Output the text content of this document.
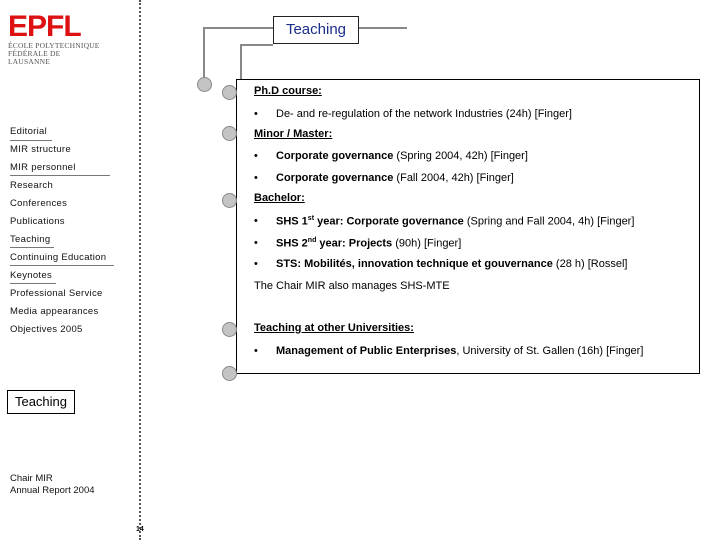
EPFL
ÉCOLE POLYTECHNIQUE
FÉDÉRALE DE LAUSANNE
Editorial
MIR structure
MIR personnel
Research
Conferences
Publications
Teaching
Continuing Education
Keynotes
Professional Service
Media appearances
Objectives 2005
Teaching
Chair MIR
Annual Report 2004
14
Teaching
Ph.D course:
• De- and re-regulation of the network Industries (24h) [Finger]
Minor / Master:
• Corporate governance (Spring 2004, 42h) [Finger]
• Corporate governance (Fall 2004, 42h) [Finger]
Bachelor:
• SHS 1st year: Corporate governance (Spring and Fall 2004, 4h) [Finger]
• SHS 2nd year: Projects (90h) [Finger]
• STS: Mobilités, innovation technique et gouvernance (28 h) [Rossel]
The Chair MIR also manages SHS-MTE
Teaching at other Universities:
• Management of Public Enterprises, University of St. Gallen (16h) [Finger]
